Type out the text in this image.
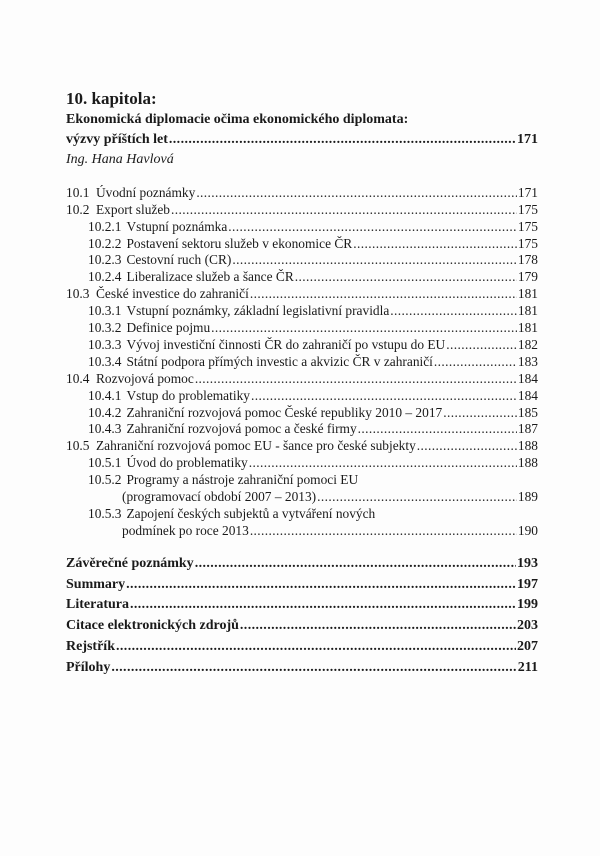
10. kapitola:
Ekonomická diplomacie očima ekonomického diplomata:
výzvy příštích let .....	171
Ing. Hana Havlová
10.1 Úvodní poznámky .....	171
10.2 Export služeb .....	175
10.2.1 Vstupní poznámka .....	175
10.2.2 Postavení sektoru služeb v ekonomice ČR .....	175
10.2.3 Cestovní ruch (CR) .....	178
10.2.4 Liberalizace služeb a šance ČR .....	179
10.3 České investice do zahraničí .....	181
10.3.1 Vstupní poznámky, základní legislativní pravidla .....	181
10.3.2 Definice pojmu .....	181
10.3.3 Vývoj investiční činnosti ČR do zahraničí po vstupu do EU .....	182
10.3.4 Státní podpora přímých investic a akvizic ČR v zahraničí .....	183
10.4 Rozvojová pomoc .....	184
10.4.1 Vstup do problematiky .....	184
10.4.2 Zahraniční rozvojová pomoc České republiky 2010 – 2017 .....	185
10.4.3 Zahraniční rozvojová pomoc a české firmy .....	187
10.5 Zahraniční rozvojová pomoc EU - šance pro české subjekty .....	188
10.5.1 Úvod do problematiky .....	188
10.5.2 Programy a nástroje zahraniční pomoci EU
(programovací období 2007 – 2013) .....	189
10.5.3 Zapojení českých subjektů a vytváření nových
podmínek po roce 2013 .....	190
Závěrečné poznámky .....	193
Summary .....	197
Literatura .....	199
Citace elektronických zdrojů .....	203
Rejstřík .....	207
Přílohy .....	211
